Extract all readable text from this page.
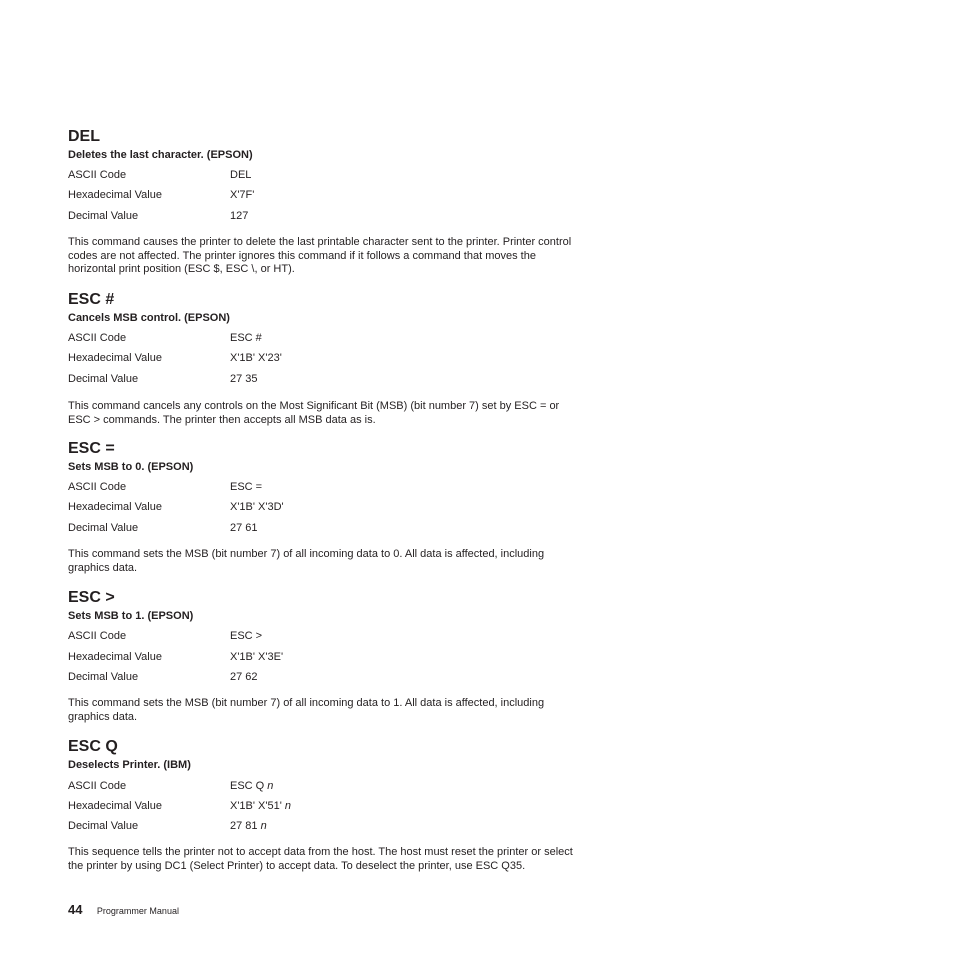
DEL
Deletes the last character. (EPSON)
ASCII Code	DEL
Hexadecimal Value	X'7F'
Decimal Value	127

This command causes the printer to delete the last printable character sent to the printer. Printer control

codes are not affected. The printer ignores this command if it follows a command that moves the

horizontal print position (ESC $, ESC \, or HT).

ESC #
Cancels MSB control. (EPSON)
ASCII Code	ESC #
Hexadecimal Value	X'1B' X'23'
Decimal Value	27 35

This command cancels any controls on the Most Significant Bit (MSB) (bit number 7) set by ESC = or

ESC > commands. The printer then accepts all MSB data as is.

ESC =
Sets MSB to 0. (EPSON)
ASCII Code	ESC =
Hexadecimal Value	X'1B' X'3D'
Decimal Value	27 61

This command sets the MSB (bit number 7) of all incoming data to 0. All data is affected, including

graphics data.

ESC >
Sets MSB to 1. (EPSON)
ASCII Code	ESC >
Hexadecimal Value	X'1B' X'3E'
Decimal Value	27 62

This command sets the MSB (bit number 7) of all incoming data to 1. All data is affected, including

graphics data.

ESC Q
Deselects Printer. (IBM)
ASCII Code	ESC Q n
Hexadecimal Value	X'1B' X'51' n
Decimal Value	27 81 n

This sequence tells the printer not to accept data from the host. The host must reset the printer or select

the printer by using DC1 (Select Printer) to accept data. To deselect the printer, use ESC Q35.

44 Programmer Manual
